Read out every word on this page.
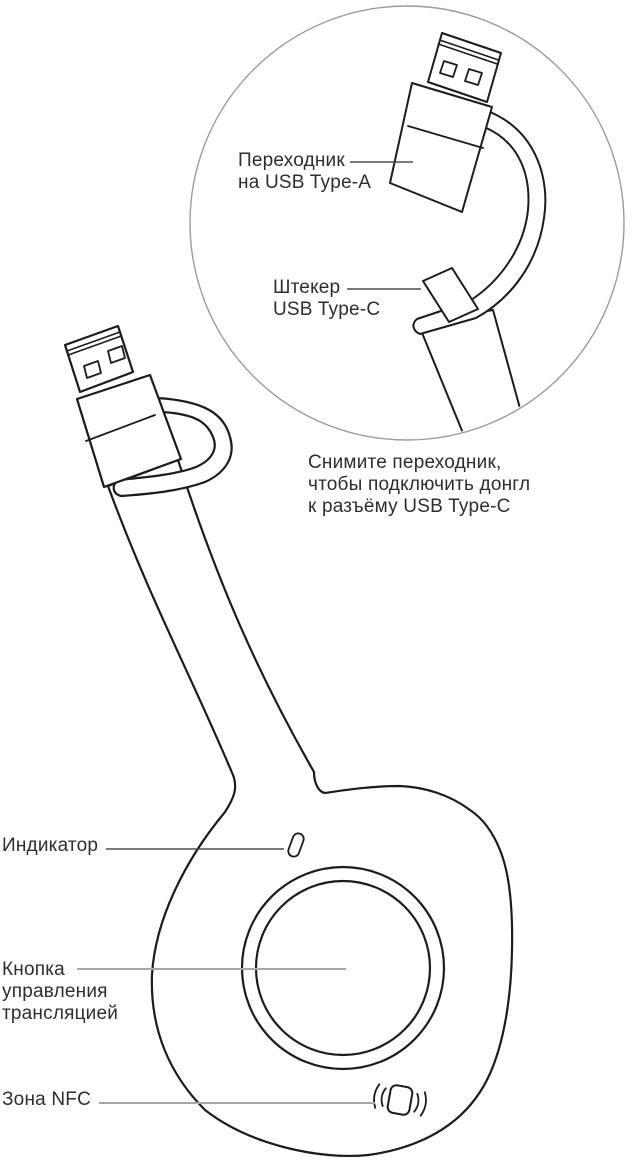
Переходник
на USB Type-A
Штекер
USB Type-C
Снимите переходник,
чтобы подключить донгл
к разъёму USB Type-C
Индикатор
Кнопка
управления
трансляцией
Зона NFC
